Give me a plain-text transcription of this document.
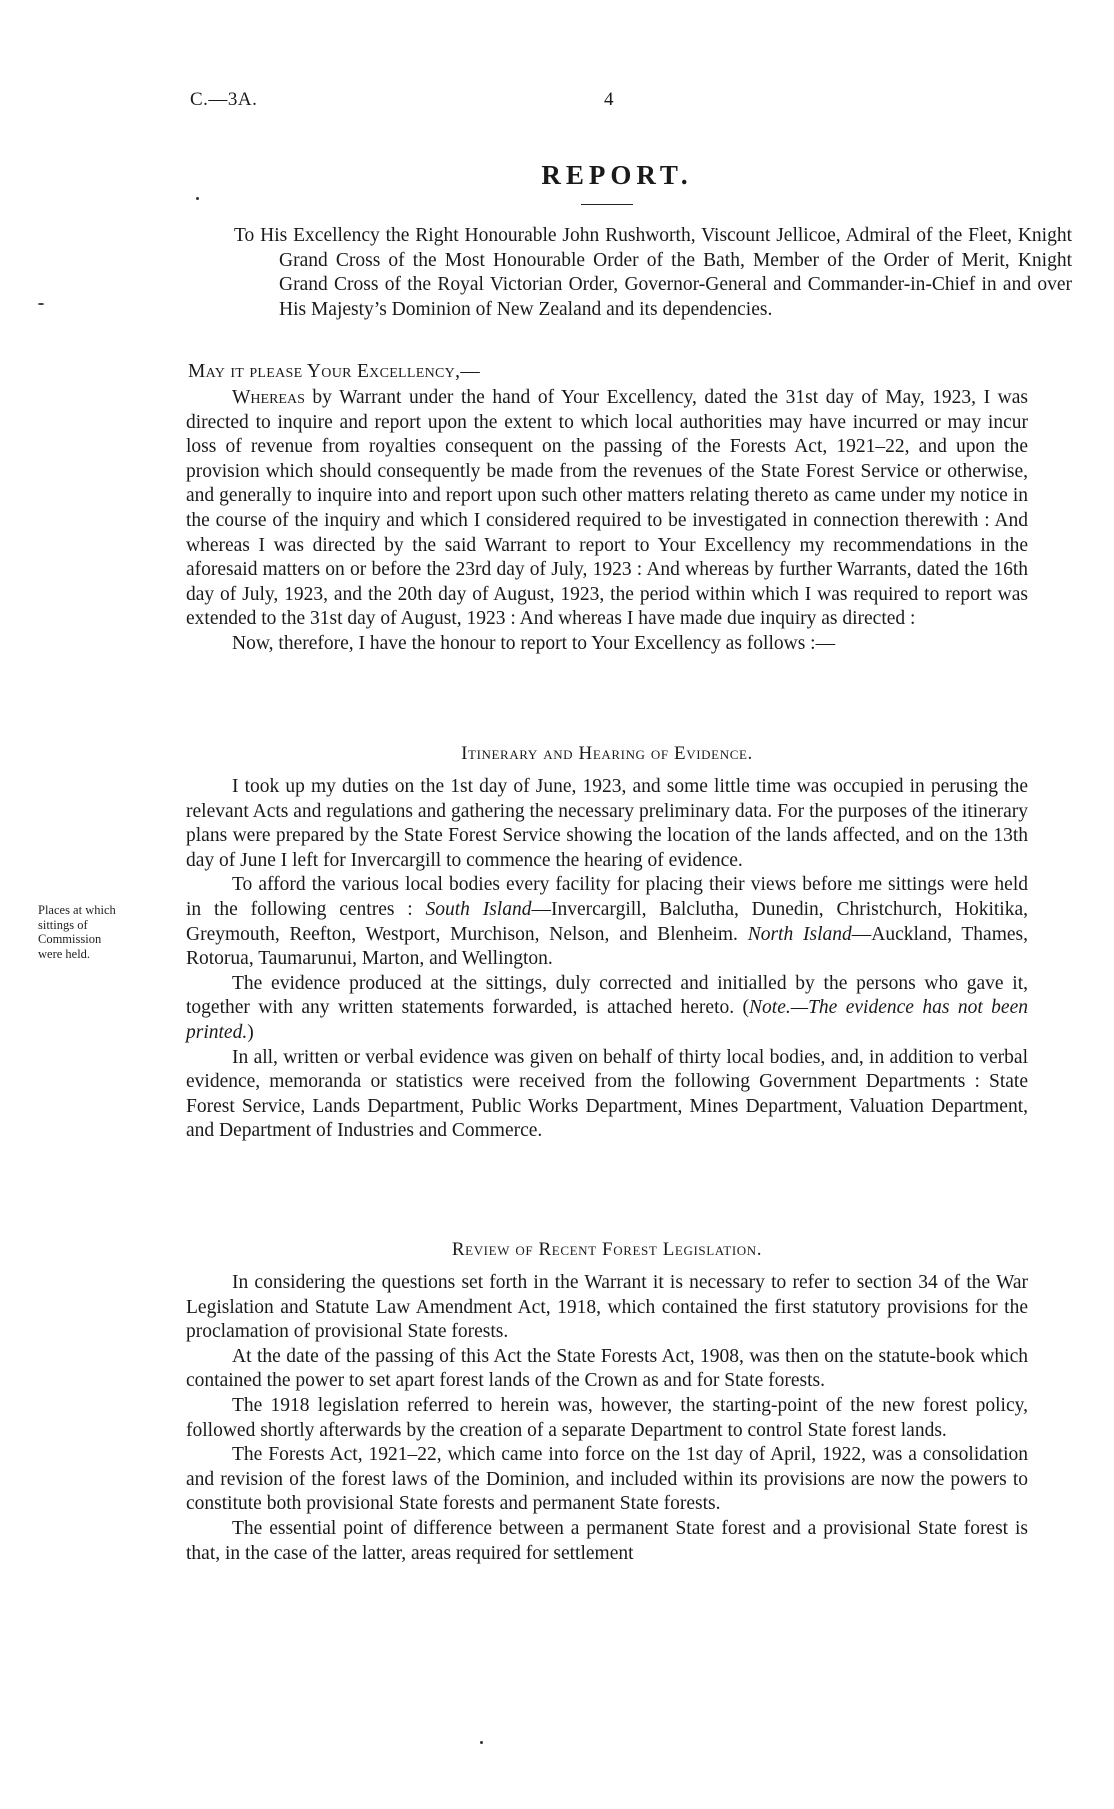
C.—3A.	4
REPORT.

To His Excellency the Right Honourable John Rushworth, Viscount Jellicoe, Admiral of the Fleet, Knight Grand Cross of the Most Honourable Order of the Bath, Member of the Order of Merit, Knight Grand Cross of the Royal Victorian Order, Governor-General and Commander-in-Chief in and over His Majesty’s Dominion of New Zealand and its dependencies.

May it please Your Excellency,—

Whereas by Warrant under the hand of Your Excellency, dated the 31st day of May, 1923, I was directed to inquire and report upon the extent to which local authorities may have incurred or may incur loss of revenue from royalties consequent on the passing of the Forests Act, 1921–22, and upon the provision which should consequently be made from the revenues of the State Forest Service or otherwise, and generally to inquire into and report upon such other matters relating thereto as came under my notice in the course of the inquiry and which I considered required to be investigated in connection therewith : And whereas I was directed by the said Warrant to report to Your Excellency my recommendations in the aforesaid matters on or before the 23rd day of July, 1923 : And whereas by further Warrants, dated the 16th day of July, 1923, and the 20th day of August, 1923, the period within which I was required to report was extended to the 31st day of August, 1923 : And whereas I have made due inquiry as directed :

Now, therefore, I have the honour to report to Your Excellency as follows :—

Itinerary and Hearing of Evidence.
Places at which
sittings of
Commission
were held.

I took up my duties on the 1st day of June, 1923, and some little time was occupied in perusing the relevant Acts and regulations and gathering the necessary preliminary data. For the purposes of the itinerary plans were prepared by the State Forest Service showing the location of the lands affected, and on the 13th day of June I left for Invercargill to commence the hearing of evidence.

To afford the various local bodies every facility for placing their views before me sittings were held in the following centres : South Island—Invercargill, Balclutha, Dunedin, Christchurch, Hokitika, Greymouth, Reefton, Westport, Murchison, Nelson, and Blenheim. North Island—Auckland, Thames, Rotorua, Taumarunui, Marton, and Wellington.

The evidence produced at the sittings, duly corrected and initialled by the persons who gave it, together with any written statements forwarded, is attached hereto. (Note.—The evidence has not been printed.)

In all, written or verbal evidence was given on behalf of thirty local bodies, and, in addition to verbal evidence, memoranda or statistics were received from the following Government Departments : State Forest Service, Lands Department, Public Works Department, Mines Department, Valuation Department, and Department of Industries and Commerce.

Review of Recent Forest Legislation.

In considering the questions set forth in the Warrant it is necessary to refer to section 34 of the War Legislation and Statute Law Amendment Act, 1918, which contained the first statutory provisions for the proclamation of provisional State forests.

At the date of the passing of this Act the State Forests Act, 1908, was then on the statute-book which contained the power to set apart forest lands of the Crown as and for State forests.

The 1918 legislation referred to herein was, however, the starting-point of the new forest policy, followed shortly afterwards by the creation of a separate Department to control State forest lands.

The Forests Act, 1921–22, which came into force on the 1st day of April, 1922, was a consolidation and revision of the forest laws of the Dominion, and included within its provisions are now the powers to constitute both provisional State forests and permanent State forests.

The essential point of difference between a permanent State forest and a provisional State forest is that, in the case of the latter, areas required for settlement
